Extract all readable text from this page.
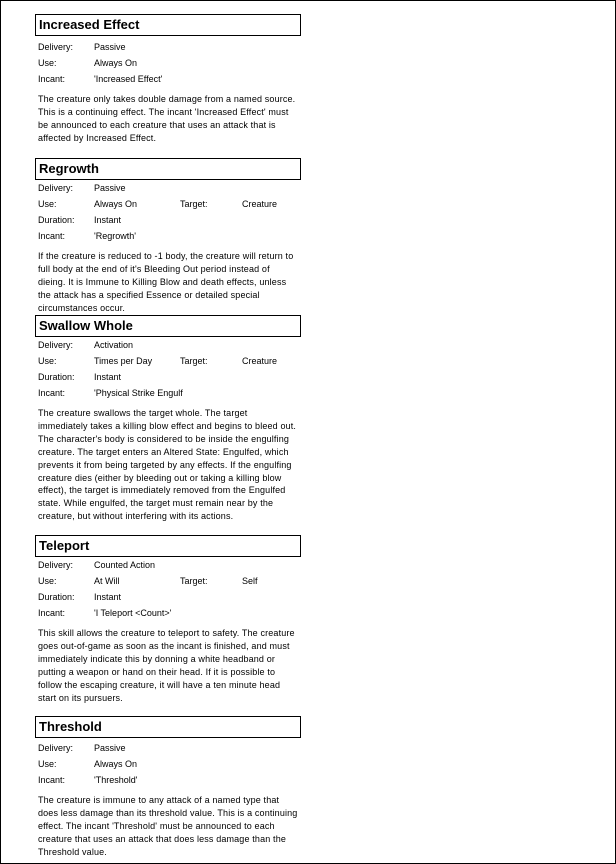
Increased Effect
Delivery: Passive
Use:	Always On
Incant:	'Increased Effect'
The creature only takes double damage from a named source. This is a continuing effect. The incant 'Increased Effect' must be announced to each creature that uses an attack that is affected by Increased Effect.
Regrowth
Delivery: Passive
Use:	Always On	Target:	Creature
Duration: Instant
Incant:	'Regrowth'
If the creature is reduced to -1 body, the creature will return to full body at the end of it's Bleeding Out period instead of dieing. It is Immune to Killing Blow and death effects, unless the attack has a specified Essence or detailed special circumstances occur.
Swallow Whole
Delivery: Activation
Use:	Times per Day	Target:	Creature
Duration: Instant
Incant:	'Physical Strike Engulf
The creature swallows the target whole. The target immediately takes a killing blow effect and begins to bleed out. The character's body is considered to be inside the engulfing creature. The target enters an Altered State: Engulfed, which prevents it from being targeted by any effects. If the engulfing creature dies (either by bleeding out or taking a killing blow effect), the target is immediately removed from the Engulfed state. While engulfed, the target must remain near by the creature, but without interfering with its actions.
Teleport
Delivery: Counted Action
Use:	At Will	Target:	Self
Duration: Instant
Incant:	'I Teleport <Count>'
This skill allows the creature to teleport to safety. The creature goes out-of-game as soon as the incant is finished, and must immediately indicate this by donning a white headband or putting a weapon or hand on their head. If it is possible to follow the escaping creature, it will have a ten minute head start on its pursuers.
Threshold
Delivery: Passive
Use:	Always On
Incant:	'Threshold'
The creature is immune to any attack of a named type that does less damage than its threshold value. This is a continuing effect. The incant 'Threshold' must be announced to each creature that uses an attack that does less damage than the Threshold value.
